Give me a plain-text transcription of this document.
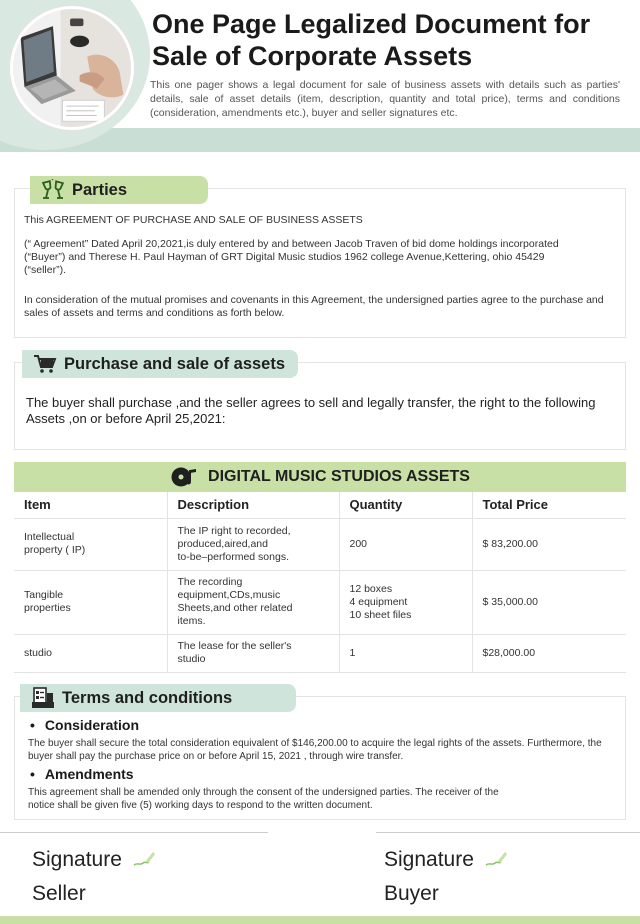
One Page Legalized Document for Sale of Corporate Assets
This one pager shows a legal document for sale of business assets with details such as parties' details, sale of asset details (item, description, quantity and total price), terms and conditions (consideration, amendments etc.), buyer and seller signatures etc.
Parties
This AGREEMENT OF PURCHASE AND SALE OF BUSINESS ASSETS
(“ Agreement” Dated April 20,2021,is duly entered by and between Jacob Traven of bid dome holdings incorporated (“Buyer”) and Therese H. Paul Hayman of GRT Digital Music studios 1962 college Avenue,Kettering, ohio 45429 (“seller”).
In consideration of the mutual promises and covenants in this Agreement, the undersigned parties agree to the purchase and sales of assets and terms and conditions as forth below.
Purchase and sale of assets
The buyer shall purchase ,and the seller agrees to sell and legally transfer, the right to the following Assets ,on or before April 25,2021:
DIGITAL MUSIC STUDIOS ASSETS
Item	Description	Quantity	Total Price

Intellectual
property ( IP)	The IP right to recorded,
produced,aired,and
to-be–performed songs.	200	$ 83,200.00

Tangible
properties	The recording
equipment,CDs,music
Sheets,and other related
items.	12 boxes
4 equipment
10 sheet files	$ 35,000.00

studio	The lease for the seller's
studio	1	$28,000.00
Terms and conditions
• Consideration
The buyer shall secure the total consideration equivalent of $146,200.00 to acquire the legal rights of the assets. Furthermore, the buyer shall pay the purchase price on or before April 15, 2021 , through wire transfer.
• Amendments
This agreement shall be amended only through the consent of the undersigned parties. The receiver of the notice shall be given five (5) working days to respond to the written document.
Signature
Seller
Signature
Buyer
